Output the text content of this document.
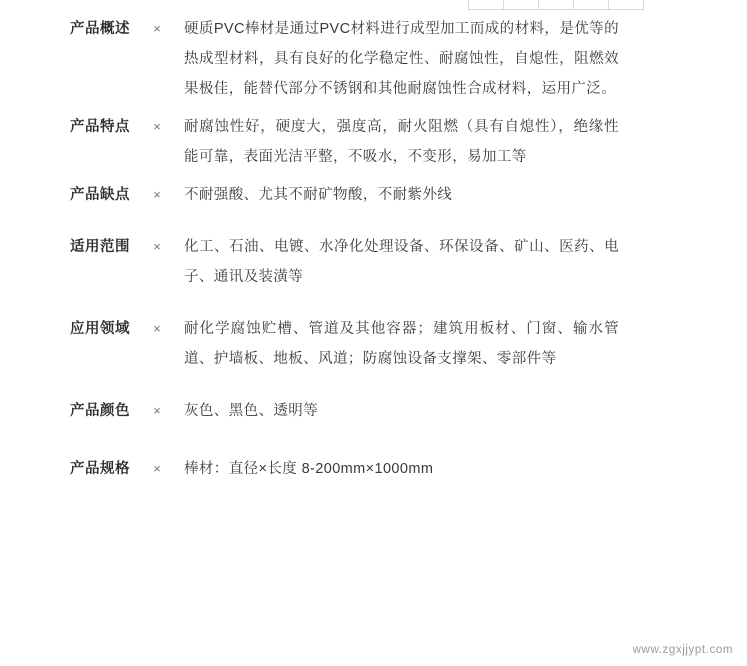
产品概述	×	硬质PVC棒材是通过PVC材料进行成型加工而成的材料，是优等的热成型材料，具有良好的化学稳定性、耐腐蚀性，自熄性，阻燃效果极佳，能替代部分不锈钢和其他耐腐蚀性合成材料，运用广泛。
产品特点	×	耐腐蚀性好，硬度大，强度高，耐火阻燃（具有自熄性），绝缘性能可靠，表面光洁平整，不吸水，不变形，易加工等
产品缺点	×	不耐强酸、尤其不耐矿物酸，不耐紫外线
适用范围	×	化工、石油、电镀、水净化处理设备、环保设备、矿山、医药、电子、通讯及装潢等
应用领域	×	耐化学腐蚀贮槽、管道及其他容器；建筑用板材、门窗、输水管道、护墙板、地板、风道；防腐蚀设备支撑架、零部件等
产品颜色	×	灰色、黑色、透明等
产品规格	×	棒材：直径×长度 8-200mm×1000mm
www.zgxjjypt.com
